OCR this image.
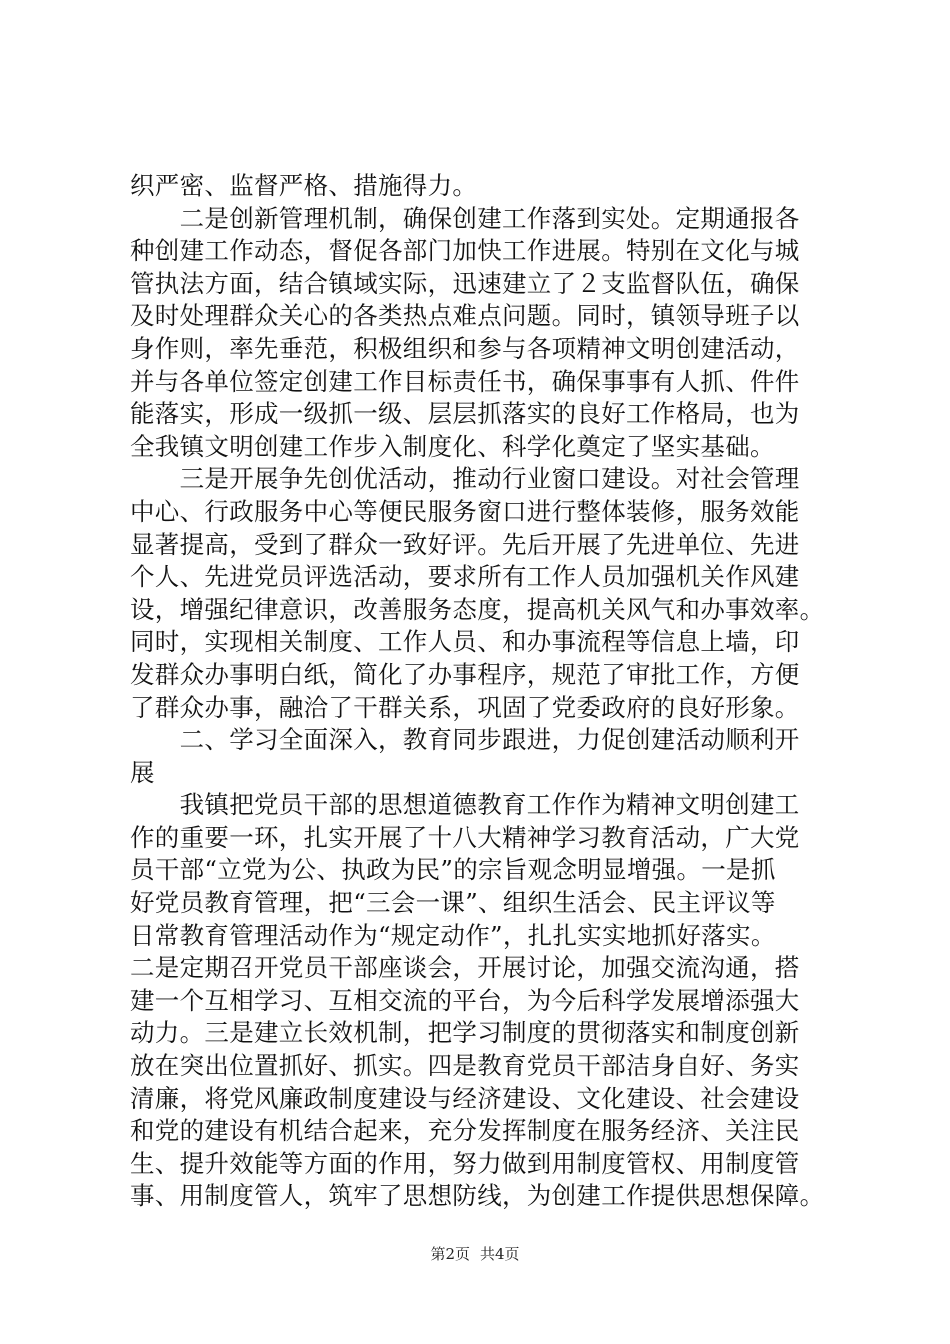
织严密、监督严格、措施得力。
　　二是创新管理机制，确保创建工作落到实处。定期通报各
种创建工作动态，督促各部门加快工作进展。特别在文化与城
管执法方面，结合镇域实际，迅速建立了２支监督队伍，确保
及时处理群众关心的各类热点难点问题。同时，镇领导班子以
身作则，率先垂范，积极组织和参与各项精神文明创建活动，
并与各单位签定创建工作目标责任书，确保事事有人抓、件件
能落实，形成一级抓一级、层层抓落实的良好工作格局，也为
全我镇文明创建工作步入制度化、科学化奠定了坚实基础。
　　三是开展争先创优活动，推动行业窗口建设。对社会管理
中心、行政服务中心等便民服务窗口进行整体装修，服务效能
显著提高，受到了群众一致好评。先后开展了先进单位、先进
个人、先进党员评选活动，要求所有工作人员加强机关作风建
设，增强纪律意识，改善服务态度，提高机关风气和办事效率。
同时，实现相关制度、工作人员、和办事流程等信息上墙，印
发群众办事明白纸，简化了办事程序，规范了审批工作，方便
了群众办事，融洽了干群关系，巩固了党委政府的良好形象。
　　二、学习全面深入，教育同步跟进，力促创建活动顺利开
展
　　我镇把党员干部的思想道德教育工作作为精神文明创建工
作的重要一环，扎实开展了十八大精神学习教育活动，广大党
员干部“立党为公、执政为民”的宗旨观念明显增强。一是抓
好党员教育管理，把“三会一课”、组织生活会、民主评议等
日常教育管理活动作为“规定动作”，扎扎实实地抓好落实。
二是定期召开党员干部座谈会，开展讨论，加强交流沟通，搭
建一个互相学习、互相交流的平台，为今后科学发展增添强大
动力。三是建立长效机制，把学习制度的贯彻落实和制度创新
放在突出位置抓好、抓实。四是教育党员干部洁身自好、务实
清廉，将党风廉政制度建设与经济建设、文化建设、社会建设
和党的建设有机结合起来，充分发挥制度在服务经济、关注民
生、提升效能等方面的作用，努力做到用制度管权、用制度管
事、用制度管人，筑牢了思想防线，为创建工作提供思想保障。
第2页 共4页
